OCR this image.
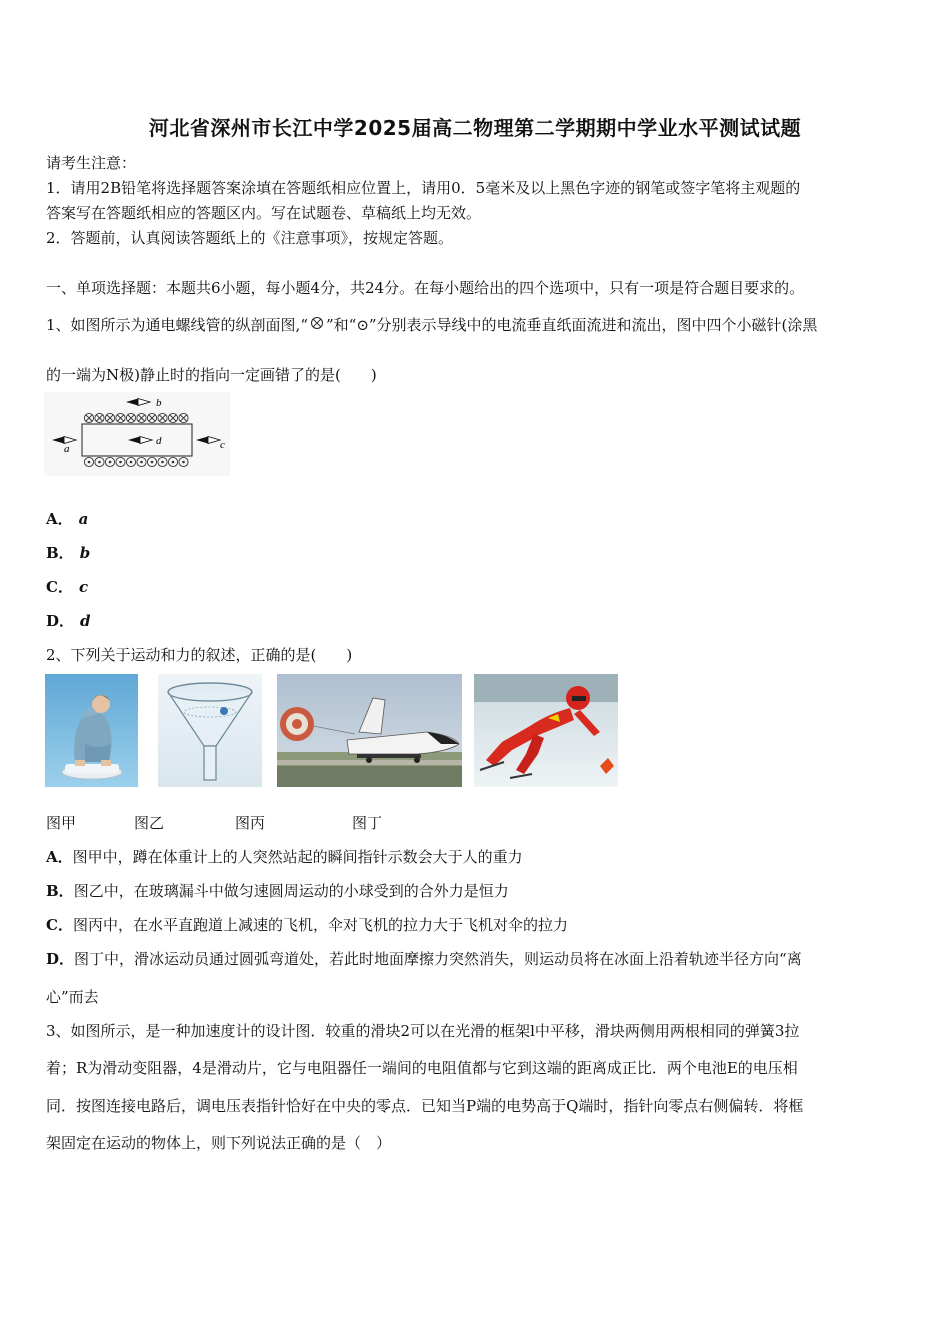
河北省深州市长江中学2025届高二物理第二学期期中学业水平测试试题
请考生注意：
1．请用2B铅笔将选择题答案涂填在答题纸相应位置上，请用0．5毫米及以上黑色字迹的钢笔或签字笔将主观题的
答案写在答题纸相应的答题区内。写在试题卷、草稿纸上均无效。
2．答题前，认真阅读答题纸上的《注意事项》，按规定答题。
一、单项选择题：本题共6小题，每小题4分，共24分。在每小题给出的四个选项中，只有一项是符合题目要求的。
1、如图所示为通电螺线管的纵剖面图,“ ”和“⊙”分别表示导线中的电流垂直纸面流进和流出，图中四个小磁针(涂黑
的一端为N极)静止时的指向一定画错了的是(　　)
b
d
a	c
A． a
B． b
C． c
D． d
2、下列关于运动和力的叙述，正确的是(　　)
图甲	图乙	图丙	图丁
A．图甲中，蹲在体重计上的人突然站起的瞬间指针示数会大于人的重力
B．图乙中，在玻璃漏斗中做匀速圆周运动的小球受到的合外力是恒力
C．图丙中，在水平直跑道上减速的飞机，伞对飞机的拉力大于飞机对伞的拉力
D．图丁中，滑冰运动员通过圆弧弯道处，若此时地面摩擦力突然消失，则运动员将在冰面上沿着轨迹半径方向“离
心”而去
3、如图所示，是一种加速度计的设计图．较重的滑块2可以在光滑的框架l中平移，滑块两侧用两根相同的弹簧3拉
着；R为滑动变阻器，4是滑动片，它与电阻器任一端间的电阻值都与它到这端的距离成正比．两个电池E的电压相
同．按图连接电路后，调电压表指针恰好在中央的零点．已知当P端的电势高于Q端时，指针向零点右侧偏转．将框
架固定在运动的物体上，则下列说法正确的是（　）
